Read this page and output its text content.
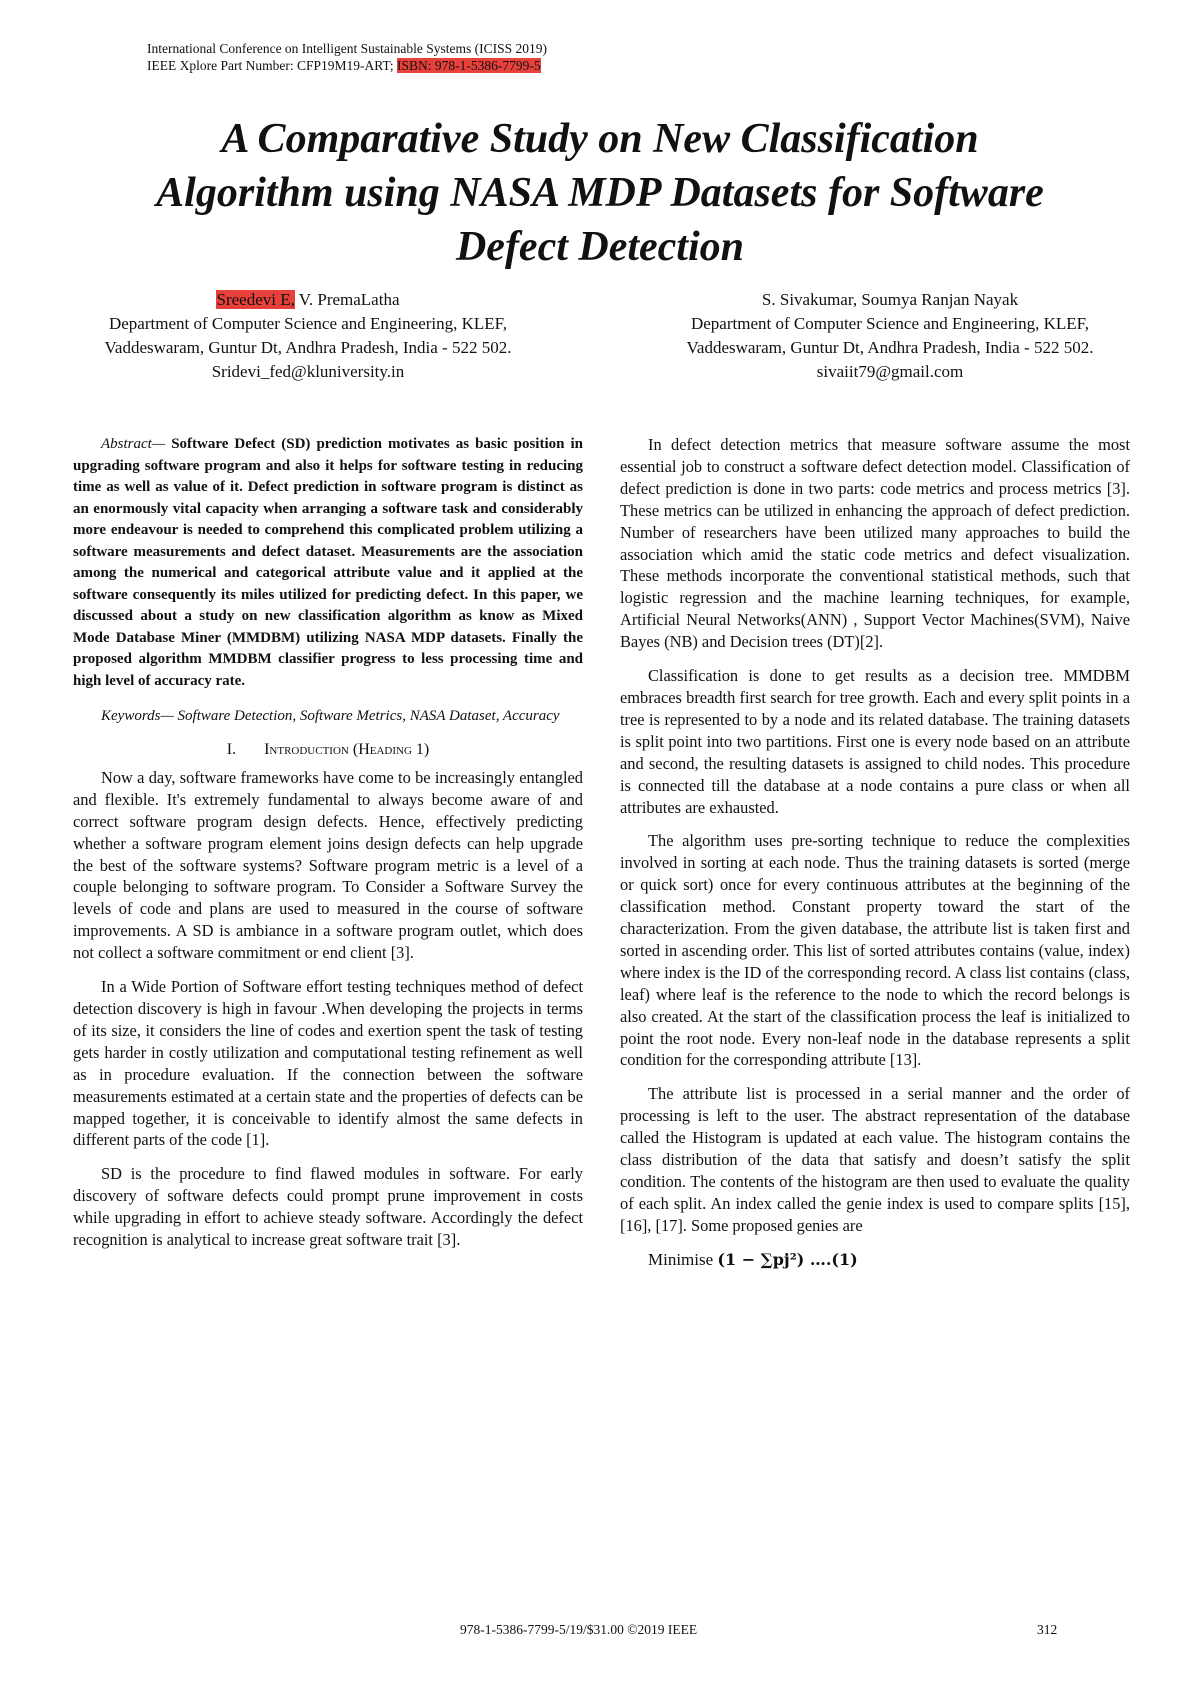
International Conference on Intelligent Sustainable Systems (ICISS 2019)
IEEE Xplore Part Number: CFP19M19-ART; ISBN: 978-1-5386-7799-5
A Comparative Study on New Classification
Algorithm using NASA MDP Datasets for Software
Defect Detection
Sreedevi E, V. PremaLatha
Department of Computer Science and Engineering, KLEF,
Vaddeswaram, Guntur Dt, Andhra Pradesh, India - 522 502.
Sridevi_fed@kluniversity.in
S. Sivakumar, Soumya Ranjan Nayak
Department of Computer Science and Engineering, KLEF,
Vaddeswaram, Guntur Dt, Andhra Pradesh, India - 522 502.
sivaiit79@gmail.com
Abstract— Software Defect (SD) prediction motivates as basic position in upgrading software program and also it helps for software testing in reducing time as well as value of it. Defect prediction in software program is distinct as an enormously vital capacity when arranging a software task and considerably more endeavour is needed to comprehend this complicated problem utilizing a software measurements and defect dataset. Measurements are the association among the numerical and categorical attribute value and it applied at the software consequently its miles utilized for predicting defect. In this paper, we discussed about a study on new classification algorithm as know as Mixed Mode Database Miner (MMDBM) utilizing NASA MDP datasets. Finally the proposed algorithm MMDBM classifier progress to less processing time and high level of accuracy rate.
Keywords— Software Detection, Software Metrics, NASA Dataset, Accuracy
I. Introduction (Heading 1)

Now a day, software frameworks have come to be increasingly entangled and flexible. It's extremely fundamental to always become aware of and correct software program design defects. Hence, effectively predicting whether a software program element joins design defects can help upgrade the best of the software systems? Software program metric is a level of a couple belonging to software program. To Consider a Software Survey the levels of code and plans are used to measured in the course of software improvements. A SD is ambiance in a software program outlet, which does not collect a software commitment or end client [3].

In a Wide Portion of Software effort testing techniques method of defect detection discovery is high in favour .When developing the projects in terms of its size, it considers the line of codes and exertion spent the task of testing gets harder in costly utilization and computational testing refinement as well as in procedure evaluation. If the connection between the software measurements estimated at a certain state and the properties of defects can be mapped together, it is conceivable to identify almost the same defects in different parts of the code [1].

SD is the procedure to find flawed modules in software. For early discovery of software defects could prompt prune improvement in costs while upgrading in effort to achieve steady software. Accordingly the defect recognition is analytical to increase great software trait [3].

In defect detection metrics that measure software assume the most essential job to construct a software defect detection model. Classification of defect prediction is done in two parts: code metrics and process metrics [3]. These metrics can be utilized in enhancing the approach of defect prediction. Number of researchers have been utilized many approaches to build the association which amid the static code metrics and defect visualization. These methods incorporate the conventional statistical methods, such that logistic regression and the machine learning techniques, for example, Artificial Neural Networks(ANN) , Support Vector Machines(SVM), Naive Bayes (NB) and Decision trees (DT)[2].

Classification is done to get results as a decision tree. MMDBM embraces breadth first search for tree growth. Each and every split points in a tree is represented to by a node and its related database. The training datasets is split point into two partitions. First one is every node based on an attribute and second, the resulting datasets is assigned to child nodes. This procedure is connected till the database at a node contains a pure class or when all attributes are exhausted.

The algorithm uses pre-sorting technique to reduce the complexities involved in sorting at each node. Thus the training datasets is sorted (merge or quick sort) once for every continuous attributes at the beginning of the classification method. Constant property toward the start of the characterization. From the given database, the attribute list is taken first and sorted in ascending order. This list of sorted attributes contains (value, index) where index is the ID of the corresponding record. A class list contains (class, leaf) where leaf is the reference to the node to which the record belongs is also created. At the start of the classification process the leaf is initialized to point the root node. Every non-leaf node in the database represents a split condition for the corresponding attribute [13].

The attribute list is processed in a serial manner and the order of processing is left to the user. The abstract representation of the database called the Histogram is updated at each value. The histogram contains the class distribution of the data that satisfy and doesn’t satisfy the split condition. The contents of the histogram are then used to evaluate the quality of each split. An index called the genie index is used to compare splits [15], [16], [17]. Some proposed genies are

Minimise (1 − ∑pj²) ….(1)
978-1-5386-7799-5/19/$31.00 ©2019 IEEE	312
